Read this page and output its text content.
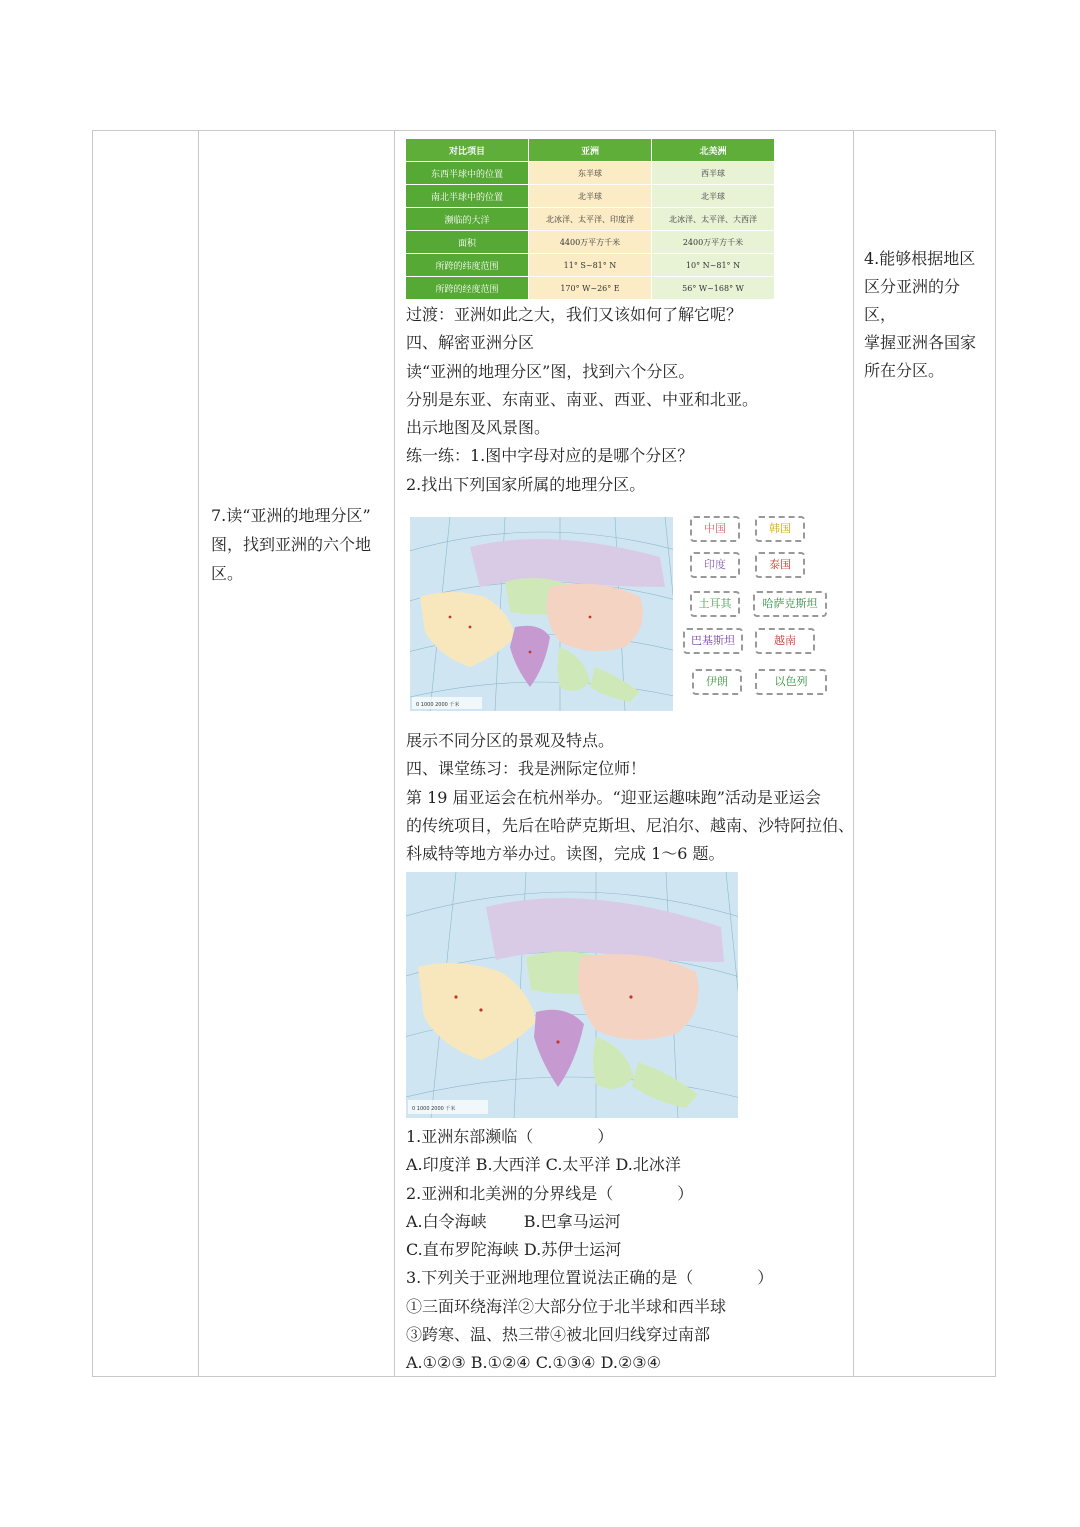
7.读“亚洲的地理分区”
图，找到亚洲的六个地
区。
对比项目	亚洲	北美洲
东西半球中的位置	东半球	西半球
南北半球中的位置	北半球	北半球
濒临的大洋	北冰洋、太平洋、印度洋	北冰洋、太平洋、大西洋
面积	4400万平方千米	2400万平方千米
所跨的纬度范围	11° S~81° N	10° N~81° N
所跨的经度范围	170° W~26° E	56° W~168° W

过渡：亚洲如此之大，我们又该如何了解它呢？

四、解密亚洲分区

读“亚洲的地理分区”图，找到六个分区。

分别是东亚、东南亚、南亚、西亚、中亚和北亚。

出示地图及风景图。

练一练：1.图中字母对应的是哪个分区？

2.找出下列国家所属的地理分区。

0 1000 2000 千米
中国	韩国
印度	泰国
土耳其	哈萨克斯坦
巴基斯坦	越南
伊朗	以色列

展示不同分区的景观及特点。

四、课堂练习：我是洲际定位师！

第 19 届亚运会在杭州举办。“迎亚运趣味跑”活动是亚运会

的传统项目，先后在哈萨克斯坦、尼泊尔、越南、沙特阿拉伯、

科威特等地方举办过。读图，完成 1～6 题。

0 1000 2000 千米

1.亚洲东部濒临（　　　　）

A.印度洋 B.大西洋 C.太平洋 D.北冰洋

2.亚洲和北美洲的分界线是（　　　　）

A.白令海峡　　 B.巴拿马运河

C.直布罗陀海峡 D.苏伊士运河

3.下列关于亚洲地理位置说法正确的是（　　　　）

①三面环绕海洋②大部分位于北半球和西半球

③跨寒、温、热三带④被北回归线穿过南部

A.①②③ B.①②④ C.①③④ D.②③④

4.能够根据地区
区分亚洲的分区，
掌握亚洲各国家
所在分区。
